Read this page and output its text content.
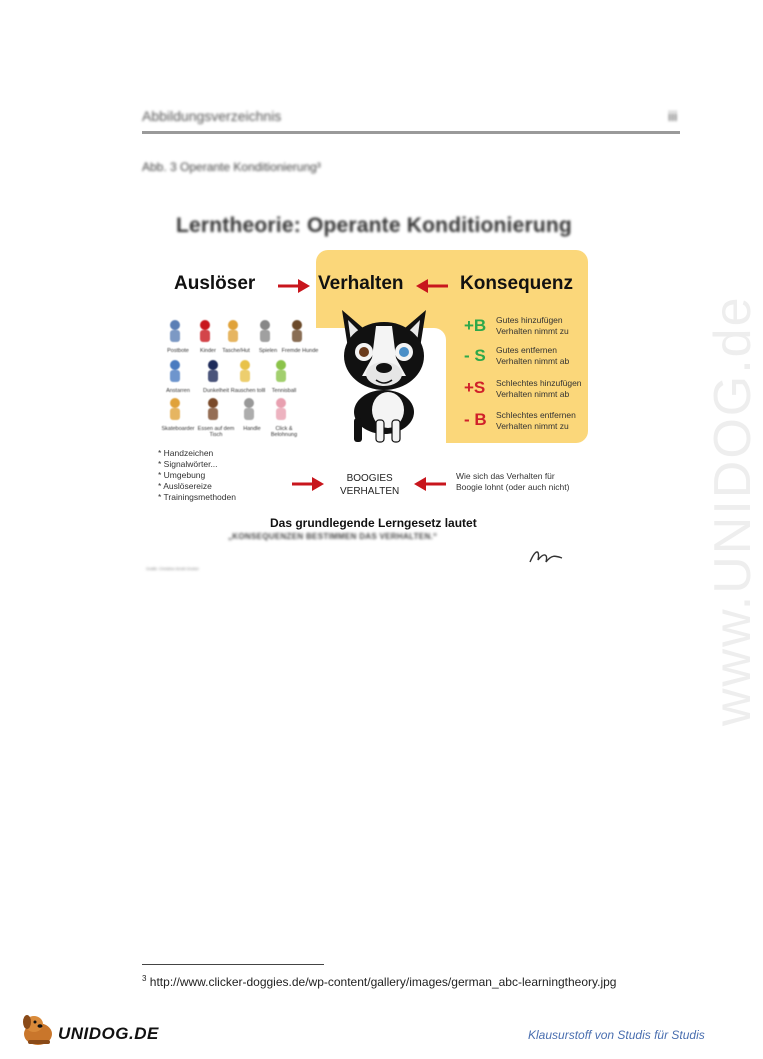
Abbildungsverzeichnis	iii
Abb. 3 Operante Konditionierung³
Lerntheorie: Operante Konditionierung
Auslöser	Verhalten	Konsequenz
+B Gutes hinzufügen
Verhalten nimmt zu
- S Gutes entfernen
Verhalten nimmt ab
+S Schlechtes hinzufügen
Verhalten nimmt ab
- B Schlechtes entfernen
Verhalten nimmt zu
Postbote	Kinder	Tasche/Hut	Spielen Fremde Hunde
Anstarren	Dunkelheit Rauschen tolll	Tennisball
Skateboarder Essen auf dem Tisch
Handle	Click & Belohnung
* Handzeichen
* Signalwörter...
* Umgebung
* Auslösereize
* Trainingsmethoden
BOOGIES
VERHALTEN
Wie sich das Verhalten für
Boogie lohnt (oder auch nicht)
Das grundlegende Lerngesetz lautet
„KONSEQUENZEN BESTIMMEN DAS VERHALTEN.“
Grafik: Christine Arndt-Gruber	www.UNIDOG.de
$^3$ http://www.clicker-doggies.de/wp-content/gallery/images/german_abc-learningtheory.jpg
UNIDOG.DE	Klausurstoff von Studis für Studis
